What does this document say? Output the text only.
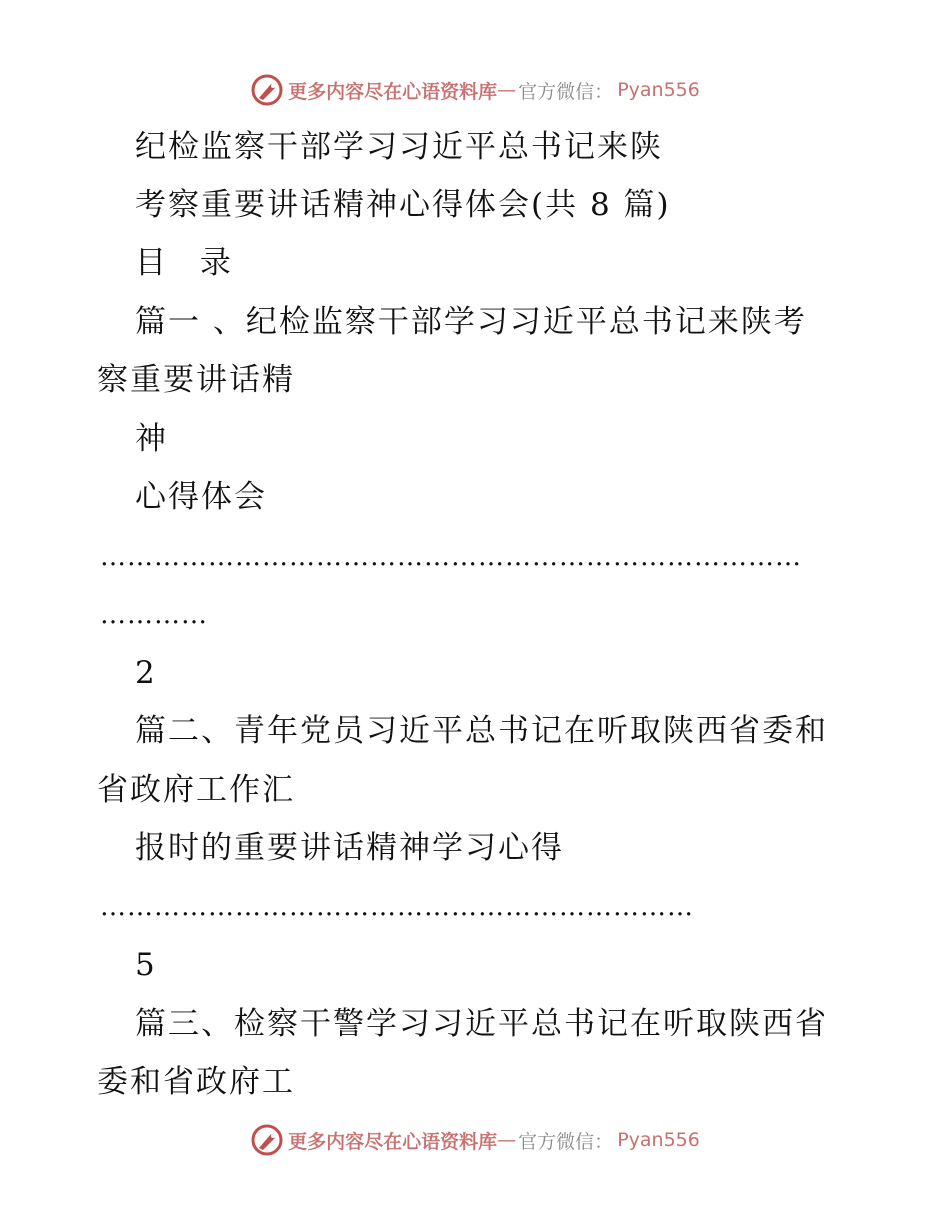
更多内容尽在心语资料库 — 官方微信： Pyan556
纪检监察干部学习习近平总书记来陕
考察重要讲话精神心得体会(共 8 篇)
目 录
篇一 、纪检监察干部学习习近平总书记来陕考
察重要讲话精
神
心得体会
……………………………………………………………………
…………
2
篇二、青年党员习近平总书记在听取陕西省委和
省政府工作汇
报时的重要讲话精神学习心得
…………………………………………………………
5
篇三、检察干警学习习近平总书记在听取陕西省
委和省政府工
更多内容尽在心语资料库 — 官方微信： Pyan556
